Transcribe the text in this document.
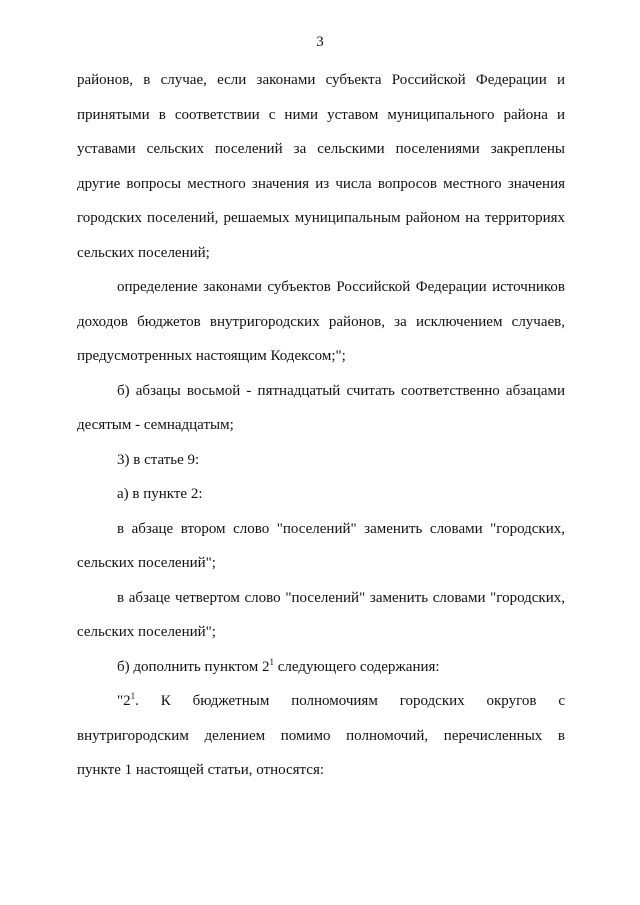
3
районов, в случае, если законами субъекта Российской Федерации и
принятыми в соответствии с ними уставом муниципального района и
уставами сельских поселений за сельскими поселениями закреплены
другие вопросы местного значения из числа вопросов местного значения
городских поселений, решаемых муниципальным районом на территориях
сельских поселений;
определение законами субъектов Российской Федерации источников
доходов бюджетов внутригородских районов, за исключением случаев,
предусмотренных настоящим Кодексом;";
б) абзацы восьмой - пятнадцатый считать соответственно абзацами
десятым - семнадцатым;
3) в статье 9:
а) в пункте 2:
в абзаце втором слово "поселений" заменить словами "городских,
сельских поселений";
в абзаце четвертом слово "поселений" заменить словами "городских,
сельских поселений";
б) дополнить пунктом $2^1$ следующего содержания:
"$2^1$. К бюджетным полномочиям городских округов с
внутригородским делением помимо полномочий, перечисленных в
пункте 1 настоящей статьи, относятся:
